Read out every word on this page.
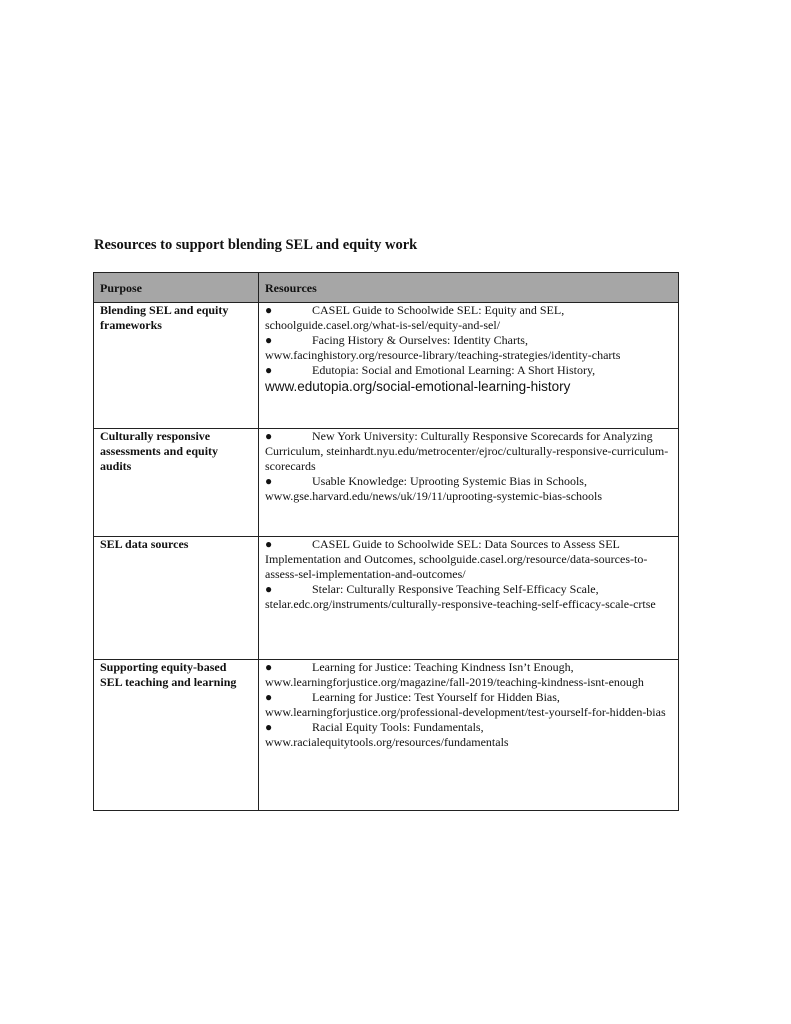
Resources to support blending SEL and equity work
Purpose	Resources
Blending SEL and equity frameworks	● CASEL Guide to Schoolwide SEL: Equity and SEL, schoolguide.casel.org/what-is-sel/equity-and-sel/
● Facing History & Ourselves: Identity Charts, www.facinghistory.org/resource-library/teaching-strategies/identity-charts
● Edutopia: Social and Emotional Learning: A Short History,
www.edutopia.org/social-emotional-learning-history

Culturally responsive assessments and equity audits	● New York University: Culturally Responsive Scorecards for Analyzing Curriculum, steinhardt.nyu.edu/metrocenter/ejroc/culturally-responsive-curriculum-scorecards
● Usable Knowledge: Uprooting Systemic Bias in Schools, www.gse.harvard.edu/news/uk/19/11/uprooting-systemic-bias-schools

SEL data sources	● CASEL Guide to Schoolwide SEL: Data Sources to Assess SEL Implementation and Outcomes, schoolguide.casel.org/resource/data-sources-to-assess-sel-implementation-and-outcomes/
● Stelar: Culturally Responsive Teaching Self-Efficacy Scale, stelar.edc.org/instruments/culturally-responsive-teaching-self-efficacy-scale-crtse

Supporting equity-based SEL teaching and learning	● Learning for Justice: Teaching Kindness Isn’t Enough, www.learningforjustice.org/magazine/fall-2019/teaching-kindness-isnt-enough
● Learning for Justice: Test Yourself for Hidden Bias, www.learningforjustice.org/professional-development/test-yourself-for-hidden-bias
● Racial Equity Tools: Fundamentals, www.racialequitytools.org/resources/fundamentals
